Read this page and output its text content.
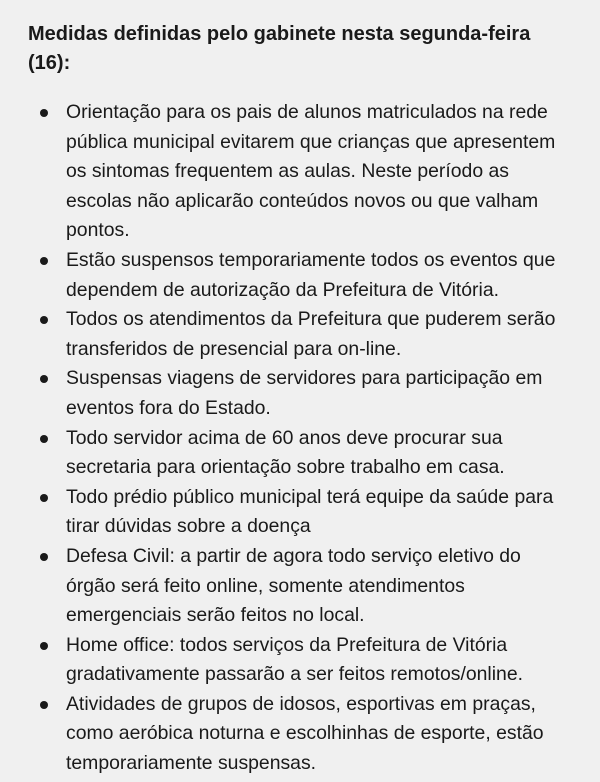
Medidas definidas pelo gabinete nesta segunda-feira (16):
Orientação para os pais de alunos matriculados na rede pública municipal evitarem que crianças que apresentem os sintomas frequentem as aulas. Neste período as escolas não aplicarão conteúdos novos ou que valham pontos.
Estão suspensos temporariamente todos os eventos que dependem de autorização da Prefeitura de Vitória.
Todos os atendimentos da Prefeitura que puderem serão transferidos de presencial para on-line.
Suspensas viagens de servidores para participação em eventos fora do Estado.
Todo servidor acima de 60 anos deve procurar sua secretaria para orientação sobre trabalho em casa.
Todo prédio público municipal terá equipe da saúde para tirar dúvidas sobre a doença
Defesa Civil: a partir de agora todo serviço eletivo do órgão será feito online, somente atendimentos emergenciais serão feitos no local.
Home office: todos serviços da Prefeitura de Vitória gradativamente passarão a ser feitos remotos/online.
Atividades de grupos de idosos, esportivas em praças, como aeróbica noturna e escolhinhas de esporte, estão temporariamente suspensas.
